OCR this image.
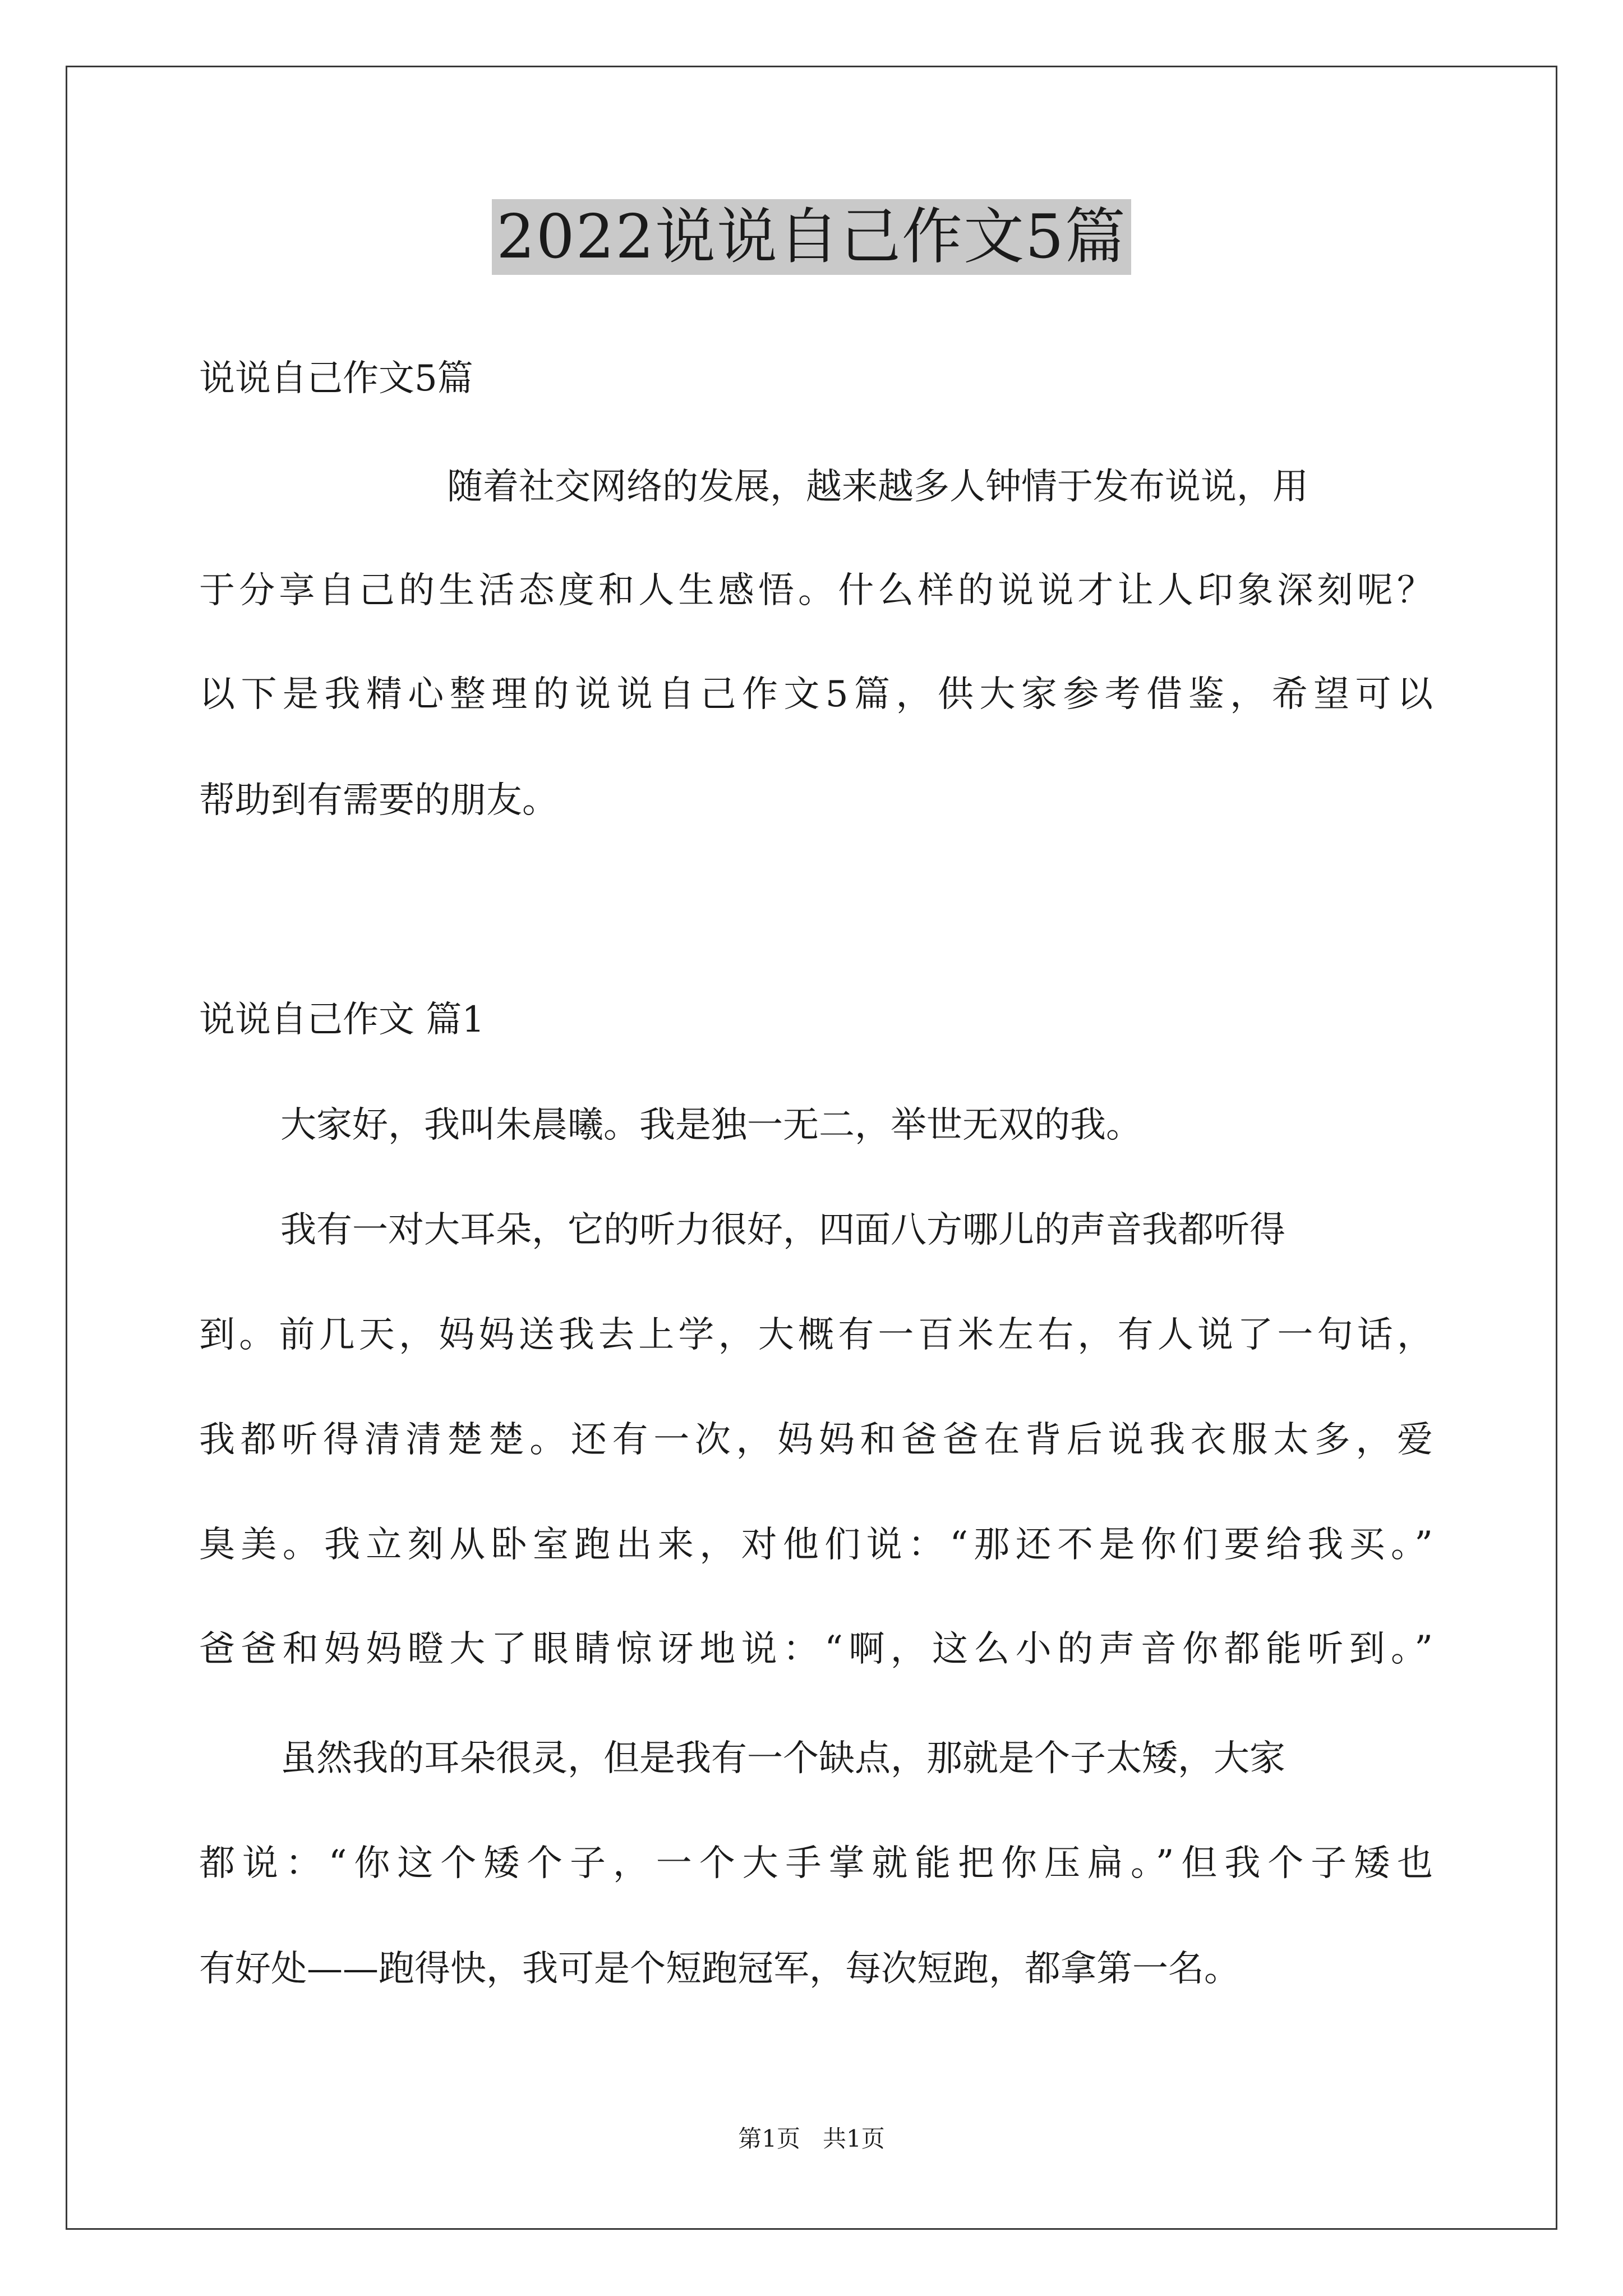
2022说说自己作文5篇
说说自己作文5篇
随着社交网络的发展，越来越多人钟情于发布说说，用
于分享自己的生活态度和人生感悟。什么样的说说才让人印象深刻呢？
以下是我精心整理的说说自己作文5篇，供大家参考借鉴，希望可以
帮助到有需要的朋友。
说说自己作文 篇1
大家好，我叫朱晨曦。我是独一无二，举世无双的我。
我有一对大耳朵，它的听力很好，四面八方哪儿的声音我都听得
到。前几天，妈妈送我去上学，大概有一百米左右，有人说了一句话，
我都听得清清楚楚。还有一次，妈妈和爸爸在背后说我衣服太多，爱
臭美。我立刻从卧室跑出来，对他们说：“那还不是你们要给我买。”
爸爸和妈妈瞪大了眼睛惊讶地说：“啊，这么小的声音你都能听到。”
虽然我的耳朵很灵，但是我有一个缺点，那就是个子太矮，大家
都说：“你这个矮个子，一个大手掌就能把你压扁。”但我个子矮也
有好处——跑得快，我可是个短跑冠军，每次短跑，都拿第一名。
第1页   共1页
